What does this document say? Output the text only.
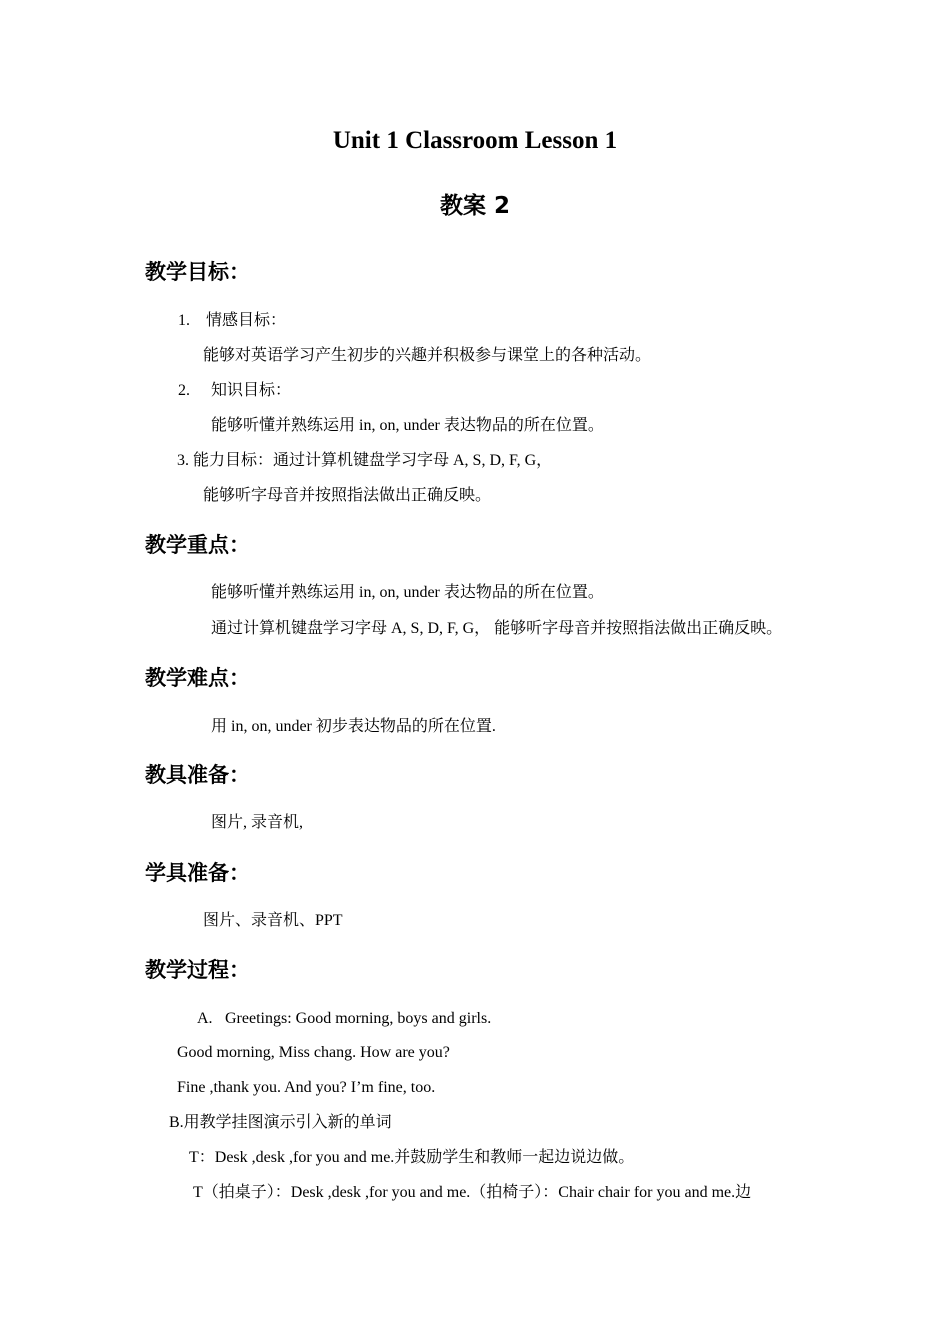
Unit 1 Classroom Lesson 1
教案 2
教学目标：
1. 情感目标：
能够对英语学习产生初步的兴趣并积极参与课堂上的各种活动。
2. 知识目标：
能够听懂并熟练运用 in, on, under 表达物品的所在位置。
3. 能力目标：通过计算机键盘学习字母 A, S, D, F, G，
能够听字母音并按照指法做出正确反映。
教学重点：
能够听懂并熟练运用 in, on, under 表达物品的所在位置。
通过计算机键盘学习字母 A, S, D, F, G， 能够听字母音并按照指法做出正确反映。
教学难点：
用 in, on, under 初步表达物品的所在位置.
教具准备：
图片, 录音机,
学具准备：
图片、录音机、PPT
教学过程：
A. Greetings: Good morning, boys and girls.
Good morning, Miss chang. How are you?
Fine ,thank you. And you? I’m fine, too.
B.用教学挂图演示引入新的单词
T：Desk ,desk ,for you and me.并鼓励学生和教师一起边说边做。
T（拍桌子）：Desk ,desk ,for you and me.（拍椅子）：Chair chair for you and me.边
